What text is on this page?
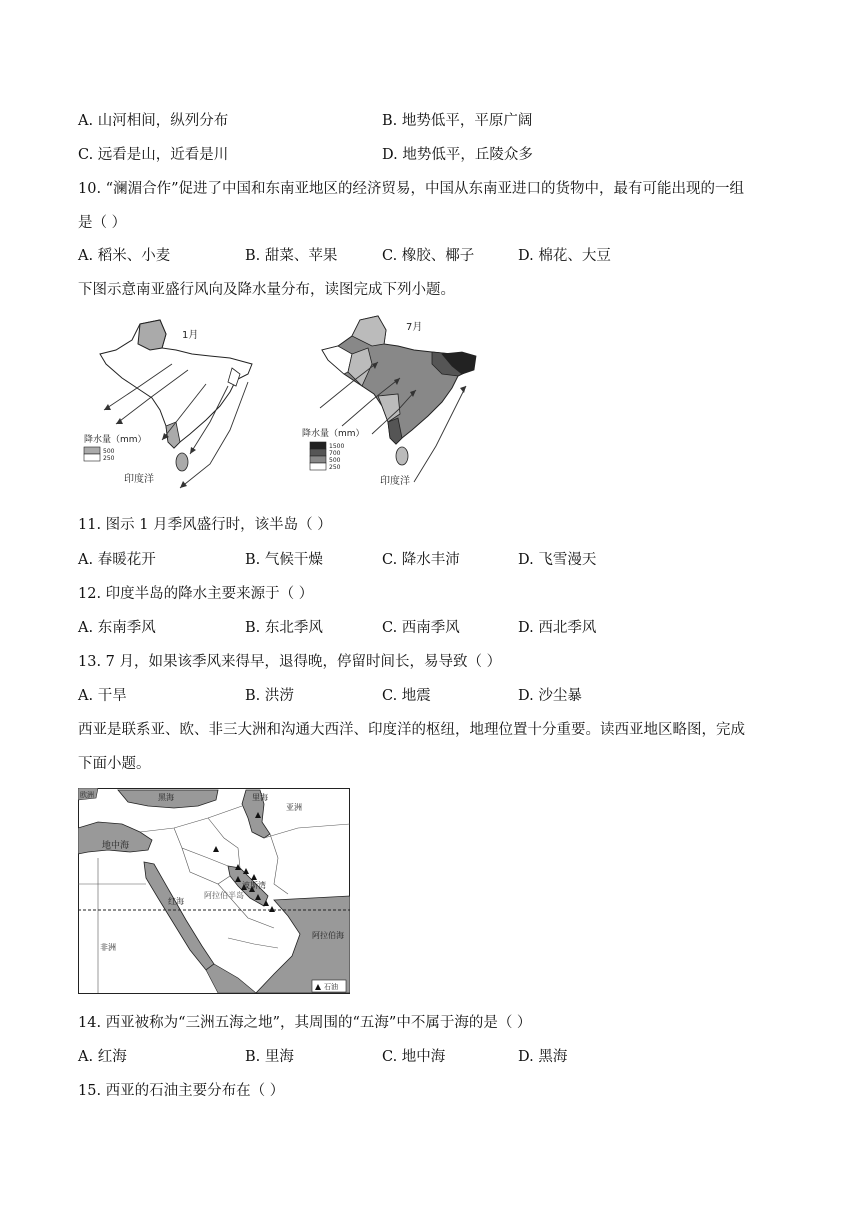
A. 山河相间，纵列分布	B. 地势低平，平原广阔
C. 远看是山，近看是川	D. 地势低平，丘陵众多
10. “澜湄合作”促进了中国和东南亚地区的经济贸易，中国从东南亚进口的货物中，最有可能出现的一组
是（ ）
A. 稻米、小麦	B. 甜菜、苹果	C. 橡胶、椰子	D. 棉花、大豆
下图示意南亚盛行风向及降水量分布，读图完成下列小题。
1月
降水量（mm）
500
250
印度洋
7月
降水量（mm）
1500
700
500
250
印度洋
11. 图示 1 月季风盛行时，该半岛（ ）
A. 春暖花开	B. 气候干燥	C. 降水丰沛	D. 飞雪漫天
12. 印度半岛的降水主要来源于（ ）
A. 东南季风	B. 东北季风	C. 西南季风	D. 西北季风
13. 7 月，如果该季风来得早，退得晚，停留时间长，易导致（ ）
A. 干旱	B. 洪涝	C. 地震	D. 沙尘暴
西亚是联系亚、欧、非三大洲和沟通大西洋、印度洋的枢纽，地理位置十分重要。读西亚地区略图，完成
下面小题。
欧洲	黑海	里海
亚洲
地中海
波斯湾
红海
阿拉伯半岛
阿拉伯海
非洲
石油
14. 西亚被称为“三洲五海之地”，其周围的“五海”中不属于海的是（ ）
A. 红海	B. 里海	C. 地中海	D. 黑海
15. 西亚的石油主要分布在（ ）
